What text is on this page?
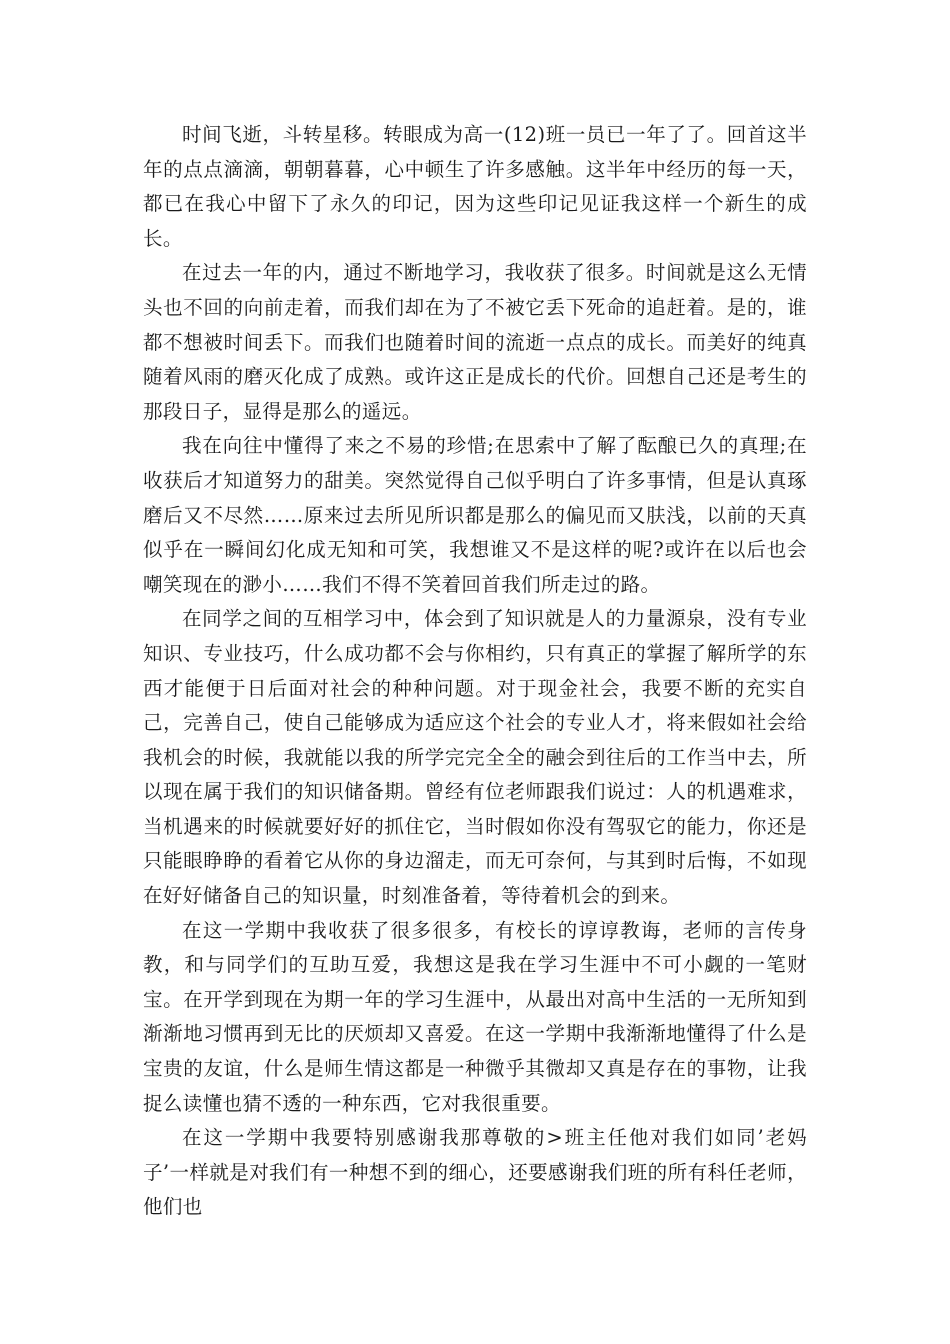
时间飞逝，斗转星移。转眼成为高一(12)班一员已一年了了。回首这半年的点点滴滴，朝朝暮暮，心中顿生了许多感触。这半年中经历的每一天，都已在我心中留下了永久的印记，因为这些印记见证我这样一个新生的成长。

在过去一年的内，通过不断地学习，我收获了很多。时间就是这么无情头也不回的向前走着，而我们却在为了不被它丢下死命的追赶着。是的，谁都不想被时间丢下。而我们也随着时间的流逝一点点的成长。而美好的纯真随着风雨的磨灭化成了成熟。或许这正是成长的代价。回想自己还是考生的那段日子，显得是那么的遥远。

我在向往中懂得了来之不易的珍惜;在思索中了解了酝酿已久的真理;在收获后才知道努力的甜美。突然觉得自己似乎明白了许多事情，但是认真琢磨后又不尽然……原来过去所见所识都是那么的偏见而又肤浅，以前的天真似乎在一瞬间幻化成无知和可笑，我想谁又不是这样的呢?或许在以后也会嘲笑现在的渺小……我们不得不笑着回首我们所走过的路。

在同学之间的互相学习中，体会到了知识就是人的力量源泉，没有专业知识、专业技巧，什么成功都不会与你相约，只有真正的掌握了解所学的东西才能便于日后面对社会的种种问题。对于现金社会，我要不断的充实自己，完善自己，使自己能够成为适应这个社会的专业人才，将来假如社会给我机会的时候，我就能以我的所学完完全全的融会到往后的工作当中去，所以现在属于我们的知识储备期。曾经有位老师跟我们说过：人的机遇难求，当机遇来的时候就要好好的抓住它，当时假如你没有驾驭它的能力，你还是只能眼睁睁的看着它从你的身边溜走，而无可奈何，与其到时后悔，不如现在好好储备自己的知识量，时刻准备着，等待着机会的到来。

在这一学期中我收获了很多很多，有校长的谆谆教诲，老师的言传身教，和与同学们的互助互爱，我想这是我在学习生涯中不可小觑的一笔财宝。在开学到现在为期一年的学习生涯中，从最出对高中生活的一无所知到渐渐地习惯再到无比的厌烦却又喜爱。在这一学期中我渐渐地懂得了什么是宝贵的友谊，什么是师生情这都是一种微乎其微却又真是存在的事物，让我捉么读懂也猜不透的一种东西，它对我很重要。

在这一学期中我要特别感谢我那尊敬的>班主任他对我们如同’老妈子’一样就是对我们有一种想不到的细心，还要感谢我们班的所有科任老师，他们也
